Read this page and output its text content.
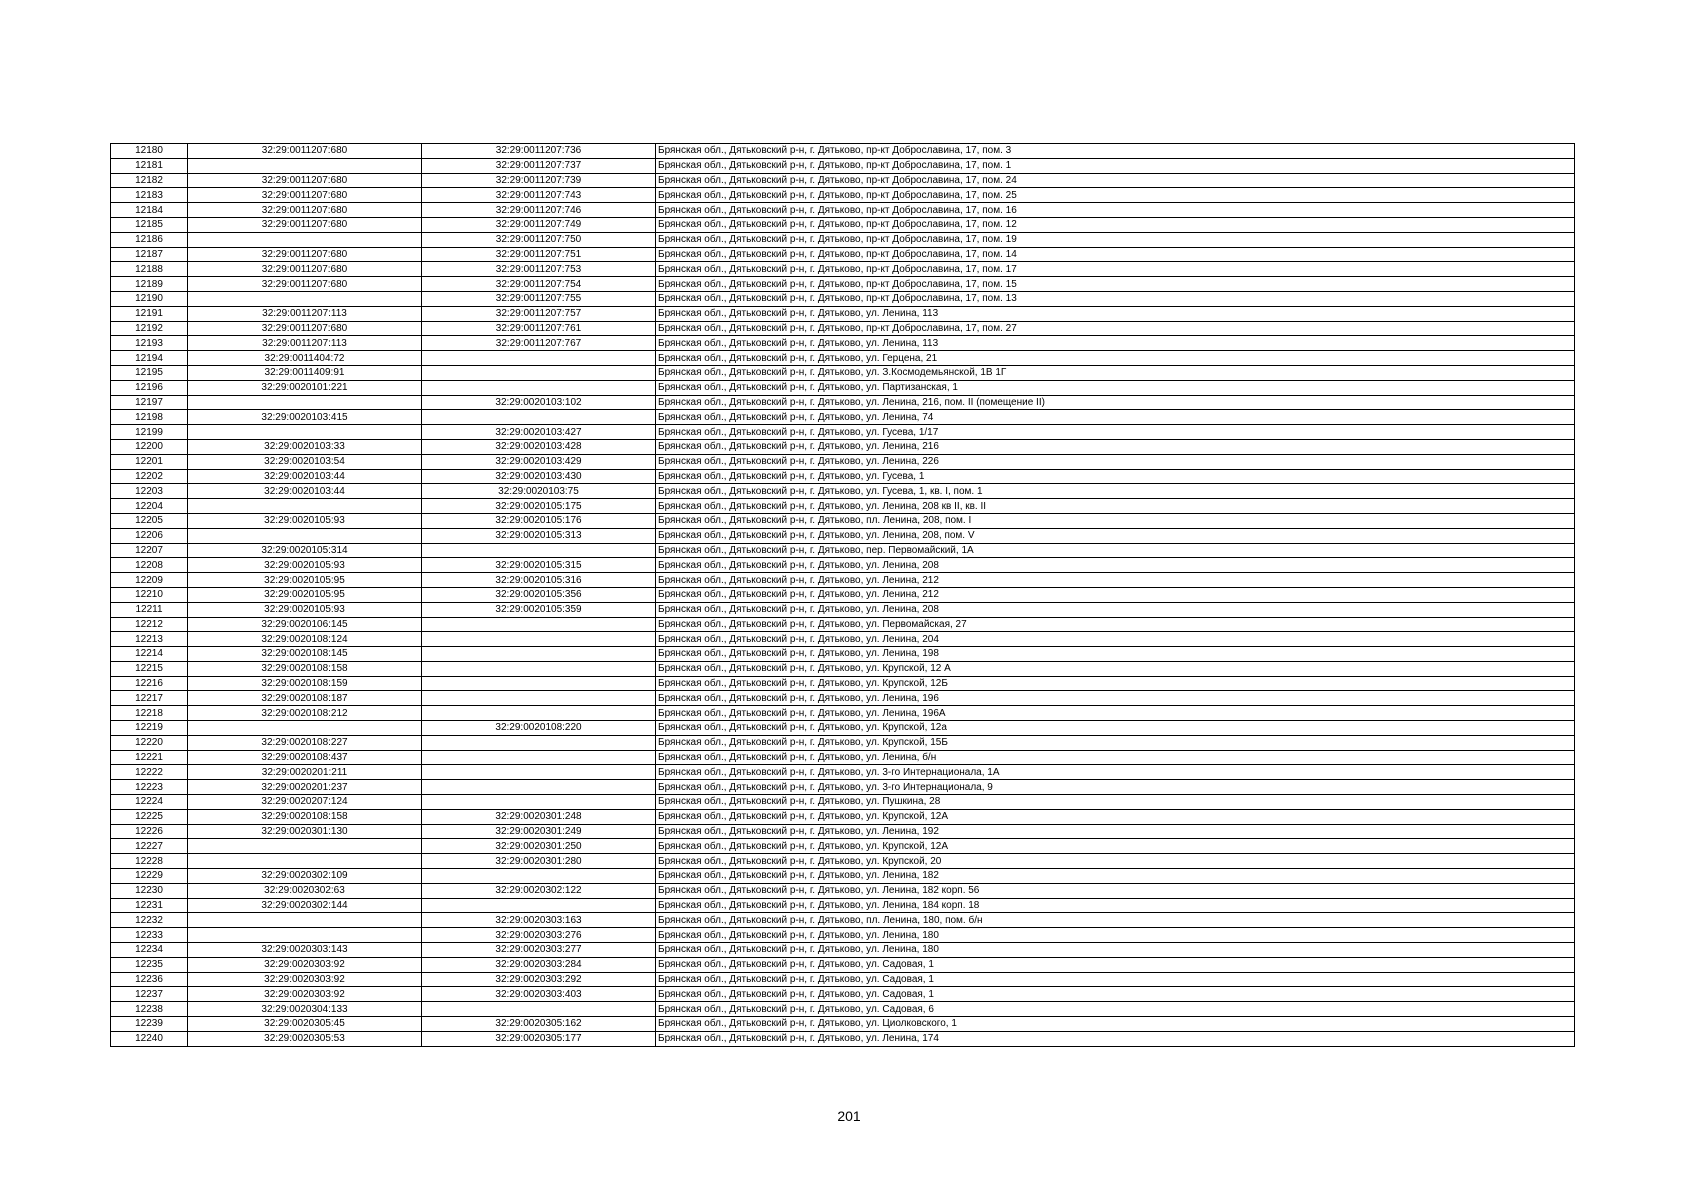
12180	32:29:0011207:680	32:29:0011207:736	Брянская обл., Дятьковский р-н, г. Дятьково, пр-кт Доброславина, 17, пом. 3
12181		32:29:0011207:737	Брянская обл., Дятьковский р-н, г. Дятьково, пр-кт Доброславина, 17, пом. 1
12182	32:29:0011207:680	32:29:0011207:739	Брянская обл., Дятьковский р-н, г. Дятьково, пр-кт Доброславина, 17, пом. 24
12183	32:29:0011207:680	32:29:0011207:743	Брянская обл., Дятьковский р-н, г. Дятьково, пр-кт Доброславина, 17, пом. 25
12184	32:29:0011207:680	32:29:0011207:746	Брянская обл., Дятьковский р-н, г. Дятьково, пр-кт Доброславина, 17, пом. 16
12185	32:29:0011207:680	32:29:0011207:749	Брянская обл., Дятьковский р-н, г. Дятьково, пр-кт Доброславина, 17, пом. 12
12186		32:29:0011207:750	Брянская обл., Дятьковский р-н, г. Дятьково, пр-кт Доброславина, 17, пом. 19
12187	32:29:0011207:680	32:29:0011207:751	Брянская обл., Дятьковский р-н, г. Дятьково, пр-кт Доброславина, 17, пом. 14
12188	32:29:0011207:680	32:29:0011207:753	Брянская обл., Дятьковский р-н, г. Дятьково, пр-кт Доброславина, 17, пом. 17
12189	32:29:0011207:680	32:29:0011207:754	Брянская обл., Дятьковский р-н, г. Дятьково, пр-кт Доброславина, 17, пом. 15
12190		32:29:0011207:755	Брянская обл., Дятьковский р-н, г. Дятьково, пр-кт Доброславина, 17, пом. 13
12191	32:29:0011207:113	32:29:0011207:757	Брянская обл., Дятьковский р-н, г. Дятьково, ул. Ленина, 113
12192	32:29:0011207:680	32:29:0011207:761	Брянская обл., Дятьковский р-н, г. Дятьково, пр-кт Доброславина, 17, пом. 27
12193	32:29:0011207:113	32:29:0011207:767	Брянская обл., Дятьковский р-н, г. Дятьково, ул. Ленина, 113
12194	32:29:0011404:72		Брянская обл., Дятьковский р-н, г. Дятьково, ул. Герцена, 21
12195	32:29:0011409:91		Брянская обл., Дятьковский р-н, г. Дятьково, ул. З.Космодемьянской, 1В 1Г
12196	32:29:0020101:221		Брянская обл., Дятьковский р-н, г. Дятьково, ул. Партизанская, 1
12197		32:29:0020103:102	Брянская обл., Дятьковский р-н, г. Дятьково, ул. Ленина, 216, пом. II (помещение II)
12198	32:29:0020103:415		Брянская обл., Дятьковский р-н, г. Дятьково, ул. Ленина, 74
12199		32:29:0020103:427	Брянская обл., Дятьковский р-н, г. Дятьково, ул. Гусева, 1/17
12200	32:29:0020103:33	32:29:0020103:428	Брянская обл., Дятьковский р-н, г. Дятьково, ул. Ленина, 216
12201	32:29:0020103:54	32:29:0020103:429	Брянская обл., Дятьковский р-н, г. Дятьково, ул. Ленина, 226
12202	32:29:0020103:44	32:29:0020103:430	Брянская обл., Дятьковский р-н, г. Дятьково, ул. Гусева, 1
12203	32:29:0020103:44	32:29:0020103:75	Брянская обл., Дятьковский р-н, г. Дятьково, ул. Гусева, 1, кв. I, пом. 1
12204		32:29:0020105:175	Брянская обл., Дятьковский р-н, г. Дятьково, ул. Ленина, 208 кв II, кв. II
12205	32:29:0020105:93	32:29:0020105:176	Брянская обл., Дятьковский р-н, г. Дятьково, пл. Ленина, 208, пом. I
12206		32:29:0020105:313	Брянская обл., Дятьковский р-н, г. Дятьково, ул. Ленина, 208, пом. V
12207	32:29:0020105:314		Брянская обл., Дятьковский р-н, г. Дятьково, пер. Первомайский, 1А
12208	32:29:0020105:93	32:29:0020105:315	Брянская обл., Дятьковский р-н, г. Дятьково, ул. Ленина, 208
12209	32:29:0020105:95	32:29:0020105:316	Брянская обл., Дятьковский р-н, г. Дятьково, ул. Ленина, 212
12210	32:29:0020105:95	32:29:0020105:356	Брянская обл., Дятьковский р-н, г. Дятьково, ул. Ленина, 212
12211	32:29:0020105:93	32:29:0020105:359	Брянская обл., Дятьковский р-н, г. Дятьково, ул. Ленина, 208
12212	32:29:0020106:145		Брянская обл., Дятьковский р-н, г. Дятьково, ул. Первомайская, 27
12213	32:29:0020108:124		Брянская обл., Дятьковский р-н, г. Дятьково, ул. Ленина, 204
12214	32:29:0020108:145		Брянская обл., Дятьковский р-н, г. Дятьково, ул. Ленина, 198
12215	32:29:0020108:158		Брянская обл., Дятьковский р-н, г. Дятьково, ул. Крупской, 12 А
12216	32:29:0020108:159		Брянская обл., Дятьковский р-н, г. Дятьково, ул. Крупской, 12Б
12217	32:29:0020108:187		Брянская обл., Дятьковский р-н, г. Дятьково, ул. Ленина, 196
12218	32:29:0020108:212		Брянская обл., Дятьковский р-н, г. Дятьково, ул. Ленина, 196А
12219		32:29:0020108:220	Брянская обл., Дятьковский р-н, г. Дятьково, ул. Крупской, 12а
12220	32:29:0020108:227		Брянская обл., Дятьковский р-н, г. Дятьково, ул. Крупской, 15Б
12221	32:29:0020108:437		Брянская обл., Дятьковский р-н, г. Дятьково, ул. Ленина, б/н
12222	32:29:0020201:211		Брянская обл., Дятьковский р-н, г. Дятьково, ул. 3-го Интернационала, 1А
12223	32:29:0020201:237		Брянская обл., Дятьковский р-н, г. Дятьково, ул. 3-го Интернационала, 9
12224	32:29:0020207:124		Брянская обл., Дятьковский р-н, г. Дятьково, ул. Пушкина, 28
12225	32:29:0020108:158	32:29:0020301:248	Брянская обл., Дятьковский р-н, г. Дятьково, ул. Крупской, 12А
12226	32:29:0020301:130	32:29:0020301:249	Брянская обл., Дятьковский р-н, г. Дятьково, ул. Ленина, 192
12227		32:29:0020301:250	Брянская обл., Дятьковский р-н, г. Дятьково, ул. Крупской, 12А
12228		32:29:0020301:280	Брянская обл., Дятьковский р-н, г. Дятьково, ул. Крупской, 20
12229	32:29:0020302:109		Брянская обл., Дятьковский р-н, г. Дятьково, ул. Ленина, 182
12230	32:29:0020302:63	32:29:0020302:122	Брянская обл., Дятьковский р-н, г. Дятьково, ул. Ленина, 182 корп. 56
12231	32:29:0020302:144		Брянская обл., Дятьковский р-н, г. Дятьково, ул. Ленина, 184 корп. 18
12232		32:29:0020303:163	Брянская обл., Дятьковский р-н, г. Дятьково, пл. Ленина, 180, пом. б/н
12233		32:29:0020303:276	Брянская обл., Дятьковский р-н, г. Дятьково, ул. Ленина, 180
12234	32:29:0020303:143	32:29:0020303:277	Брянская обл., Дятьковский р-н, г. Дятьково, ул. Ленина, 180
12235	32:29:0020303:92	32:29:0020303:284	Брянская обл., Дятьковский р-н, г. Дятьково, ул. Садовая, 1
12236	32:29:0020303:92	32:29:0020303:292	Брянская обл., Дятьковский р-н, г. Дятьково, ул. Садовая, 1
12237	32:29:0020303:92	32:29:0020303:403	Брянская обл., Дятьковский р-н, г. Дятьково, ул. Садовая, 1
12238	32:29:0020304:133		Брянская обл., Дятьковский р-н, г. Дятьково, ул. Садовая, 6
12239	32:29:0020305:45	32:29:0020305:162	Брянская обл., Дятьковский р-н, г. Дятьково, ул. Циолковского, 1
12240	32:29:0020305:53	32:29:0020305:177	Брянская обл., Дятьковский р-н, г. Дятьково, ул. Ленина, 174
201
